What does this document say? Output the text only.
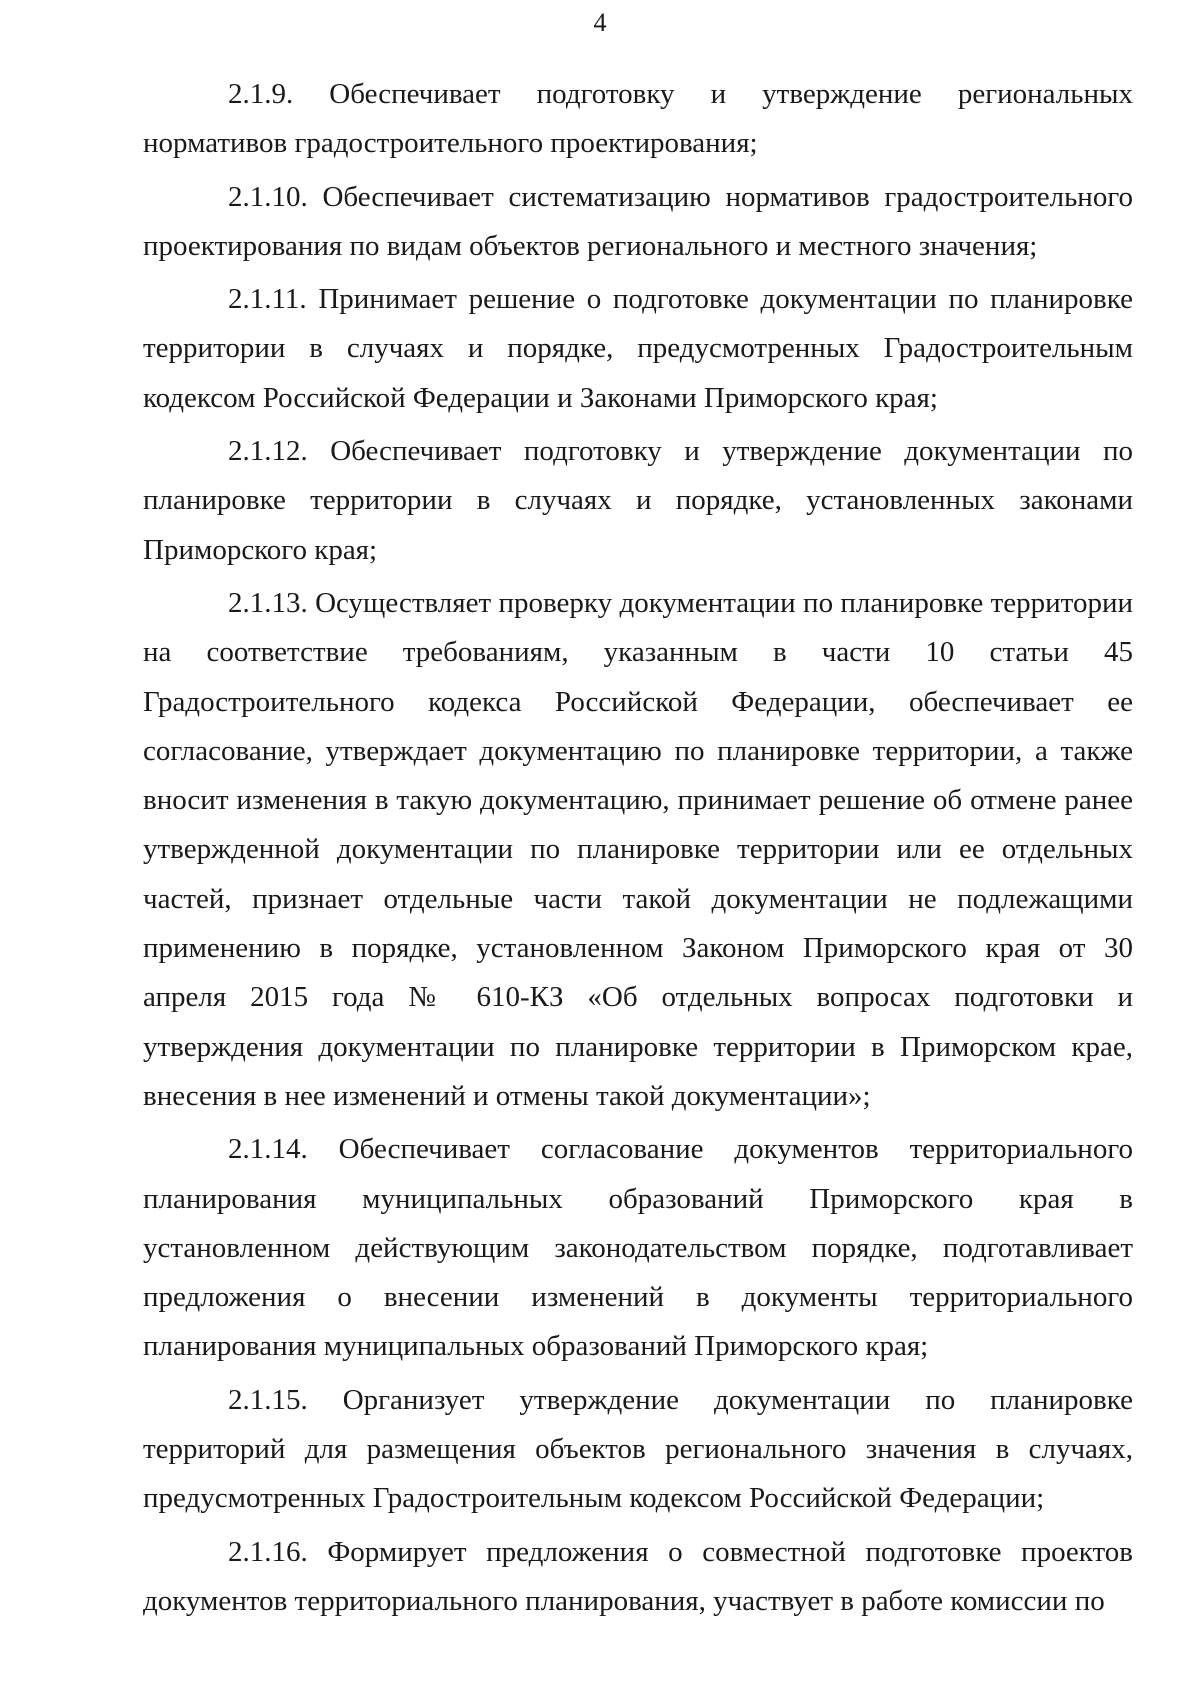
4

2.1.9. Обеспечивает подготовку и утверждение региональных нормативов градостроительного проектирования;

2.1.10. Обеспечивает систематизацию нормативов градостроительного проектирования по видам объектов регионального и местного значения;

2.1.11. Принимает решение о подготовке документации по планировке территории в случаях и порядке, предусмотренных Градостроительным кодексом Российской Федерации и Законами Приморского края;

2.1.12. Обеспечивает подготовку и утверждение документации по планировке территории в случаях и порядке, установленных законами Приморского края;

2.1.13. Осуществляет проверку документации по планировке территории на соответствие требованиям, указанным в части 10 статьи 45 Градостроительного кодекса Российской Федерации, обеспечивает ее согласование, утверждает документацию по планировке территории, а также вносит изменения в такую документацию, принимает решение об отмене ранее утвержденной документации по планировке территории или ее отдельных частей, признает отдельные части такой документации не подлежащими применению в порядке, установленном Законом Приморского края от 30 апреля 2015 года № 610-КЗ «Об отдельных вопросах подготовки и утверждения документации по планировке территории в Приморском крае, внесения в нее изменений и отмены такой документации»;

2.1.14. Обеспечивает согласование документов территориального планирования муниципальных образований Приморского края в установленном действующим законодательством порядке, подготавливает предложения о внесении изменений в документы территориального планирования муниципальных образований Приморского края;

2.1.15. Организует утверждение документации по планировке территорий для размещения объектов регионального значения в случаях, предусмотренных Градостроительным кодексом Российской Федерации;

2.1.16. Формирует предложения о совместной подготовке проектов документов территориального планирования, участвует в работе комиссии по
